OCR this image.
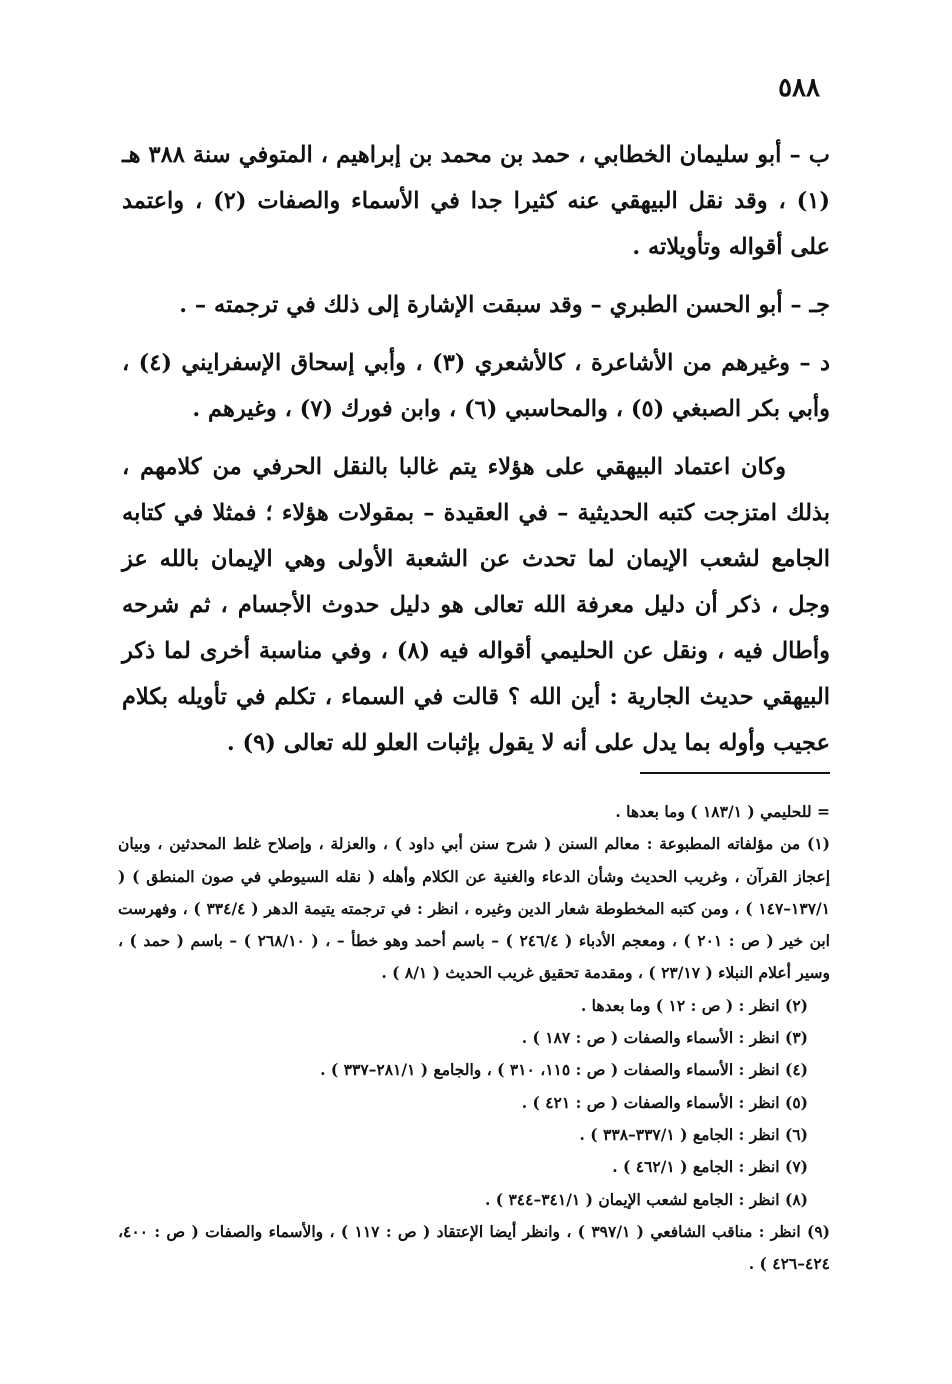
٥٨٨

ب – أبو سليمان الخطابي ، حمد بن محمد بن إبراهيم ، المتوفي سنة ٣٨٨ هـ (١) ، وقد نقل البيهقي عنه كثيرا جدا في الأسماء والصفات (٢) ، واعتمد على أقواله وتأويلاته .

جـ – أبو الحسن الطبري – وقد سبقت الإشارة إلى ذلك في ترجمته – .

د – وغيرهم من الأشاعرة ، كالأشعري (٣) ، وأبي إسحاق الإسفرايني (٤) ، وأبي بكر الصبغي (٥) ، والمحاسبي (٦) ، وابن فورك (٧) ، وغيرهم .

وكان اعتماد البيهقي على هؤلاء يتم غالبا بالنقل الحرفي من كلامهم ، بذلك امتزجت كتبه الحديثية – في العقيدة – بمقولات هؤلاء ؛ فمثلا في كتابه الجامع لشعب الإيمان لما تحدث عن الشعبة الأولى وهي الإيمان بالله عز وجل ، ذكر أن دليل معرفة الله تعالى هو دليل حدوث الأجسام ، ثم شرحه وأطال فيه ، ونقل عن الحليمي أقواله فيه (٨) ، وفي مناسبة أخرى لما ذكر البيهقي حديث الجارية : أين الله ؟ قالت في السماء ، تكلم في تأويله بكلام عجيب وأوله بما يدل على أنه لا يقول بإثبات العلو لله تعالى (٩) .

= للحليمي ( ١٨٣/١ ) وما بعدها .

(١) من مؤلفاته المطبوعة : معالم السنن ( شرح سنن أبي داود ) ، والعزلة ، وإصلاح غلط المحدثين ، وبيان إعجاز القرآن ، وغريب الحديث وشأن الدعاء والغنية عن الكلام وأهله ( نقله السيوطي في صون المنطق ) ( ١٣٧/١–١٤٧ ) ، ومن كتبه المخطوطة شعار الدين وغيره ، انظر : في ترجمته يتيمة الدهر ( ٣٣٤/٤ ) ، وفهرست ابن خير ( ص : ٢٠١ ) ، ومعجم الأدباء ( ٢٤٦/٤ ) – باسم أحمد وهو خطأ – ، ( ٢٦٨/١٠ ) – باسم ( حمد ) ، وسير أعلام النبلاء ( ٢٣/١٧ ) ، ومقدمة تحقيق غريب الحديث ( ٨/١ ) .

(٢) انظر : ( ص : ١٢ ) وما بعدها .

(٣) انظر : الأسماء والصفات ( ص : ١٨٧ ) .

(٤) انظر : الأسماء والصفات ( ص : ١١٥، ٣١٠ ) ، والجامع ( ٢٨١/١–٣٣٧ ) .

(٥) انظر : الأسماء والصفات ( ص : ٤٢١ ) .

(٦) انظر : الجامع ( ٣٣٧/١–٣٣٨ ) .

(٧) انظر : الجامع ( ٤٦٢/١ ) .

(٨) انظر : الجامع لشعب الإيمان ( ٣٤١/١–٣٤٤ ) .

(٩) انظر : مناقب الشافعي ( ٣٩٧/١ ) ، وانظر أيضا الإعتقاد ( ص : ١١٧ ) ، والأسماء والصفات ( ص : ٤٠٠، ٤٢٤–٤٢٦ ) .
